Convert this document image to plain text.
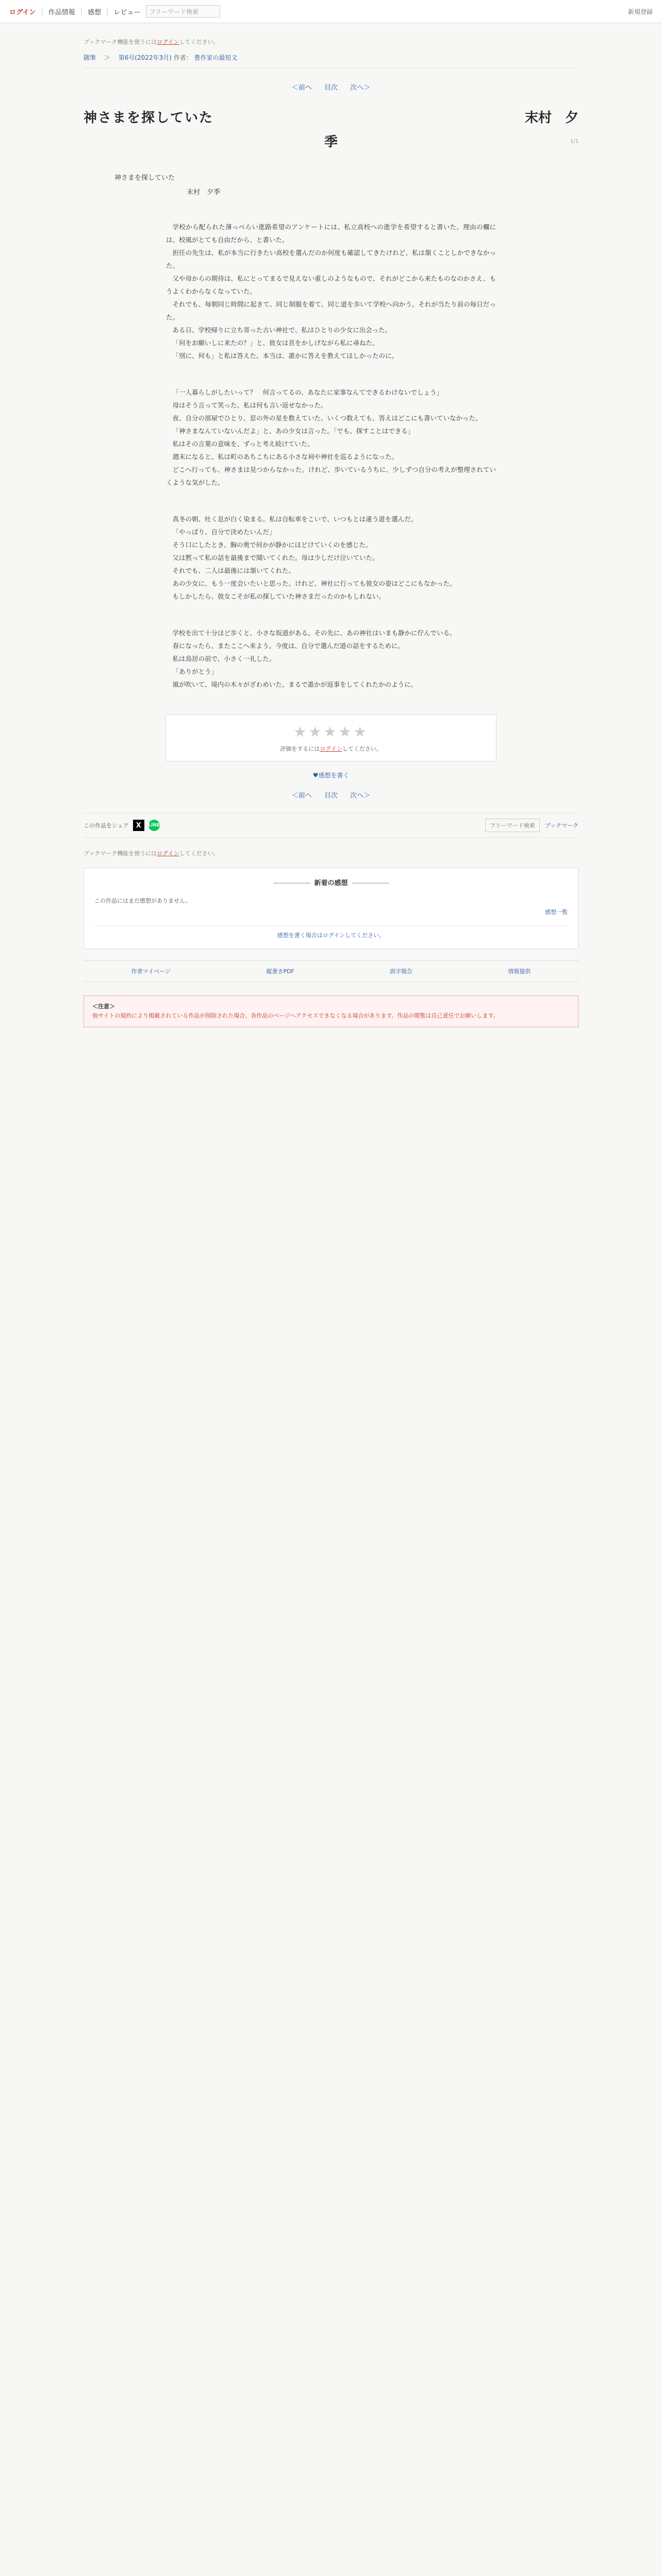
ログイン | 作品情報 | 感想 | レビュー	フリーワード検索	新規登録
ブックマーク機能を使うにはログインしてください。
随筆 　＞　 第6号(2022年3月) 作者： 豊作家の最短文
＜前へ 目次 次へ＞
1/1
神さまを探していた	末村　夕
季
神さまを探していた
末村　夕季

学校から配られた薄っぺらい進路希望のアンケートには、私立高校への進学を希望すると書いた。理由の欄には、校風がとても自由だから、と書いた。

担任の先生は、私が本当に行きたい高校を選んだのか何度も確認してきたけれど、私は頷くことしかできなかった。

父や母からの期待は、私にとってまるで見えない重しのようなもので、それがどこから来たものなのかさえ、もうよくわからなくなっていた。

それでも、毎朝同じ時間に起きて、同じ制服を着て、同じ道を歩いて学校へ向かう。それが当たり前の毎日だった。

ある日、学校帰りに立ち寄った古い神社で、私はひとりの少女に出会った。

「何をお願いしに来たの？」と、彼女は首をかしげながら私に尋ねた。

「別に、何も」と私は答えた。本当は、誰かに答えを教えてほしかったのに。

「一人暮らしがしたいって？　何言ってるの、あなたに家事なんてできるわけないでしょう」

母はそう言って笑った。私は何も言い返せなかった。

夜、自分の部屋でひとり、窓の外の星を数えていた。いくつ数えても、答えはどこにも書いていなかった。

「神さまなんていないんだよ」と、あの少女は言った。「でも、探すことはできる」

私はその言葉の意味を、ずっと考え続けていた。

週末になると、私は町のあちこちにある小さな祠や神社を巡るようになった。

どこへ行っても、神さまは見つからなかった。けれど、歩いているうちに、少しずつ自分の考えが整理されていくような気がした。

真冬の朝、吐く息が白く染まる。私は自転車をこいで、いつもとは違う道を選んだ。

「やっぱり、自分で決めたいんだ」

そう口にしたとき、胸の奥で何かが静かにほどけていくのを感じた。

父は黙って私の話を最後まで聞いてくれた。母は少しだけ泣いていた。

それでも、二人は最後には頷いてくれた。

あの少女に、もう一度会いたいと思った。けれど、神社に行っても彼女の姿はどこにもなかった。

もしかしたら、彼女こそが私の探していた神さまだったのかもしれない。

学校を出て十分ほど歩くと、小さな坂道がある。その先に、あの神社はいまも静かに佇んでいる。

春になったら、またここへ来よう。今度は、自分で選んだ道の話をするために。

私は鳥居の前で、小さく一礼した。

「ありがとう」

風が吹いて、境内の木々がざわめいた。まるで誰かが返事をしてくれたかのように。

★★★★★
評価をするにはログインしてください。
♥感想を書く
＜前へ 目次 次へ＞
この作品をシェア	X	LINE	フリーワード検索	ブックマーク
ブックマーク機能を使うにはログインしてください。
—————— 新着の感想 ——————
この作品にはまだ感想がありません。
感想一覧
感想を書く場合はログインしてください。
作者マイページ	縦書きPDF	誤字報告	情報提供
＜注意＞
他サイトの規約により掲載されている作品が削除された場合、各作品のページへアクセスできなくなる場合があります。作品の閲覧は自己責任でお願いします。
